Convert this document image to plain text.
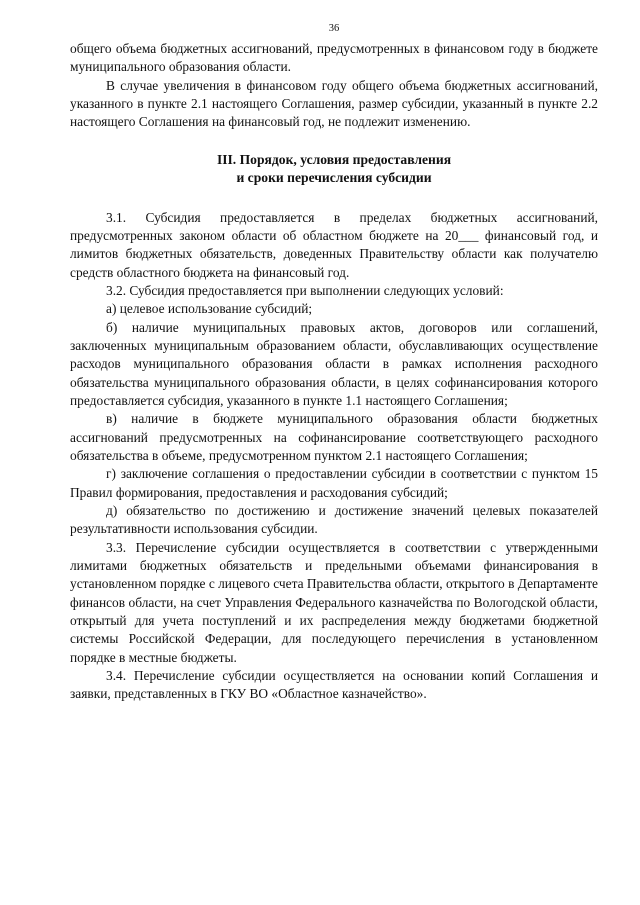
36

общего объема бюджетных ассигнований, предусмотренных в финансовом году в бюджете муниципального образования области.

В случае увеличения в финансовом году общего объема бюджетных ассигнований, указанного в пункте 2.1 настоящего Соглашения, размер субсидии, указанный в пункте 2.2 настоящего Соглашения на финансовый год, не подлежит изменению.

III. Порядок, условия предоставления
и сроки перечисления субсидии

3.1. Субсидия предоставляется в пределах бюджетных ассигнований, предусмотренных законом области об областном бюджете на 20___ финансовый год, и лимитов бюджетных обязательств, доведенных Правительству области как получателю средств областного бюджета на финансовый год.

3.2. Субсидия предоставляется при выполнении следующих условий:

а) целевое использование субсидий;

б) наличие муниципальных правовых актов, договоров или соглашений, заключенных муниципальным образованием области, обуславливающих осуществление расходов муниципального образования области в рамках исполнения расходного обязательства муниципального образования области, в целях софинансирования которого предоставляется субсидия, указанного в пункте 1.1 настоящего Соглашения;

в) наличие в бюджете муниципального образования области бюджетных ассигнований предусмотренных на софинансирование соответствующего расходного обязательства в объеме, предусмотренном пунктом 2.1 настоящего Соглашения;

г) заключение соглашения о предоставлении субсидии в соответствии с пунктом 15 Правил формирования, предоставления и расходования субсидий;

д) обязательство по достижению и достижение значений целевых показателей результативности использования субсидии.

3.3. Перечисление субсидии осуществляется в соответствии с утвержденными лимитами бюджетных обязательств и предельными объемами финансирования в установленном порядке с лицевого счета Правительства области, открытого в Департаменте финансов области, на счет Управления Федерального казначейства по Вологодской области, открытый для учета поступлений и их распределения между бюджетами бюджетной системы Российской Федерации, для последующего перечисления в установленном порядке в местные бюджеты.

3.4. Перечисление субсидии осуществляется на основании копий Соглашения и заявки, представленных в ГКУ ВО «Областное казначейство».
